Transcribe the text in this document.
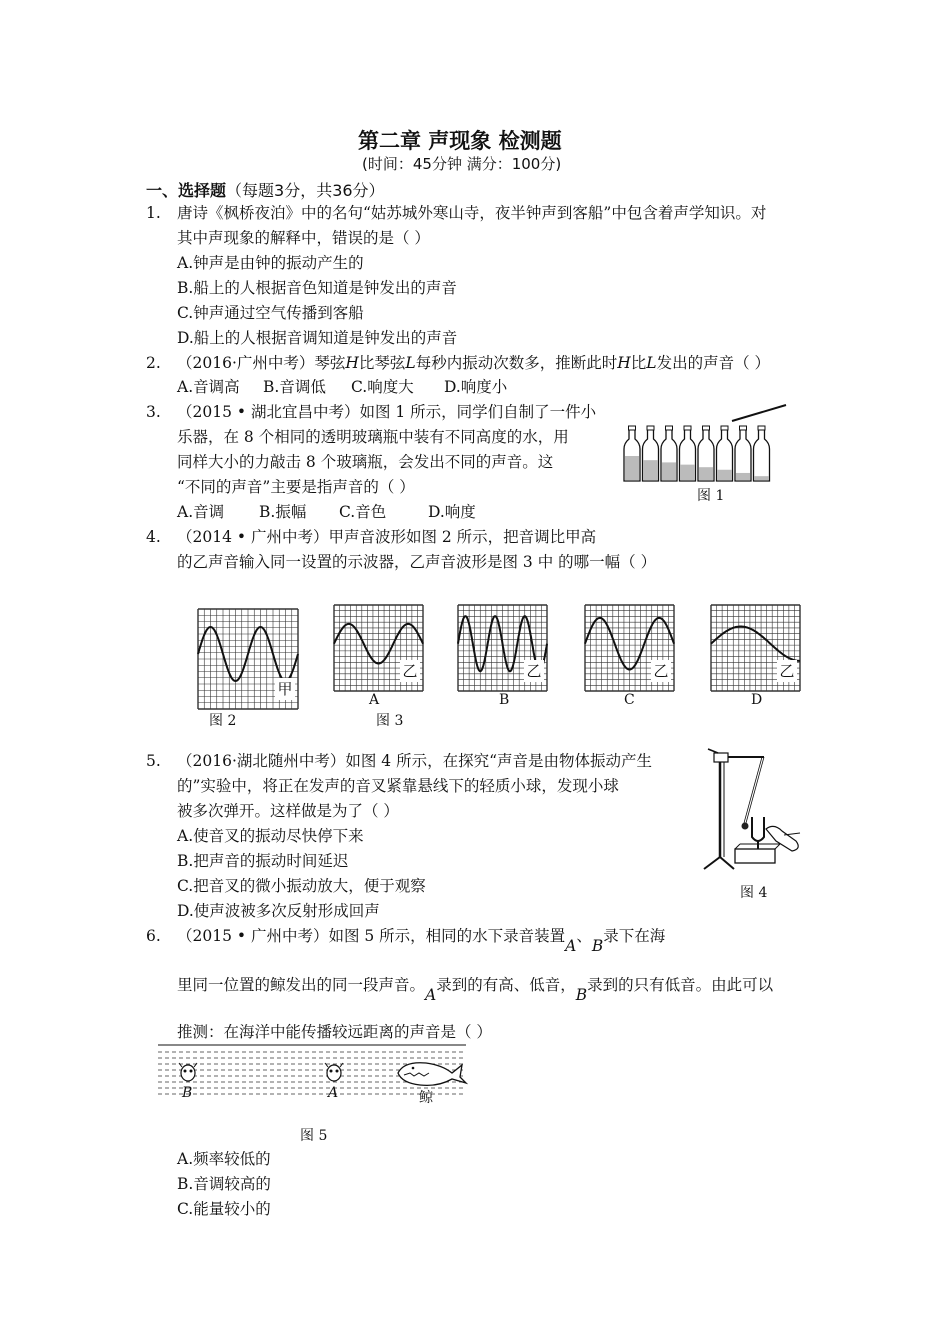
第二章 声现象 检测题
(时间：45分钟 满分：100分)
一、选择题（每题3分，共36分）
1. 唐诗《枫桥夜泊》中的名句“姑苏城外寒山寺，夜半钟声到客船”中包含着声学知识。对
其中声现象的解释中，错误的是（ ）
A.钟声是由钟的振动产生的
B.船上的人根据音色知道是钟发出的声音
C.钟声通过空气传播到客船
D.船上的人根据音调知道是钟发出的声音
2. （2016·广州中考）琴弦H比琴弦L每秒内振动次数多，推断此时H比L发出的声音（ ）
A.音调高 B.音调低 C.响度大 D.响度小
3. （2015 • 湖北宜昌中考）如图 1 所示，同学们自制了一件小
乐器，在 8 个相同的透明玻璃瓶中装有不同高度的水，用
同样大小的力敲击 8 个玻璃瓶，会发出不同的声音。这
“不同的声音”主要是指声音的（ ）
A.音调 B.振幅 C.音色	D.响度
图 1
4. （2014 • 广州中考）甲声音波形如图 2 所示，把音调比甲高
的乙声音输入同一设置的示波器，乙声音波形是图 3 中 的哪一幅（ ）
甲
乙
A
乙
B
乙
C
乙
D
图 2	图 3
5. （2016·湖北随州中考）如图 4 所示，在探究“声音是由物体振动产生
的”实验中，将正在发声的音叉紧靠悬线下的轻质小球，发现小球
被多次弹开。这样做是为了（ ）
A.使音叉的振动尽快停下来
B.把声音的振动时间延迟
C.把音叉的微小振动放大，便于观察
D.使声波被多次反射形成回声
图 4
6. （2015 • 广州中考）如图 5 所示，相同的水下录音装置A、B录下在海
里同一位置的鲸发出的同一段声音。A录到的有高、低音，B录到的只有低音。由此可以
推测：在海洋中能传播较远距离的声音是（ ）
B	A	鲸
图 5
A.频率较低的
B.音调较高的
C.能量较小的
